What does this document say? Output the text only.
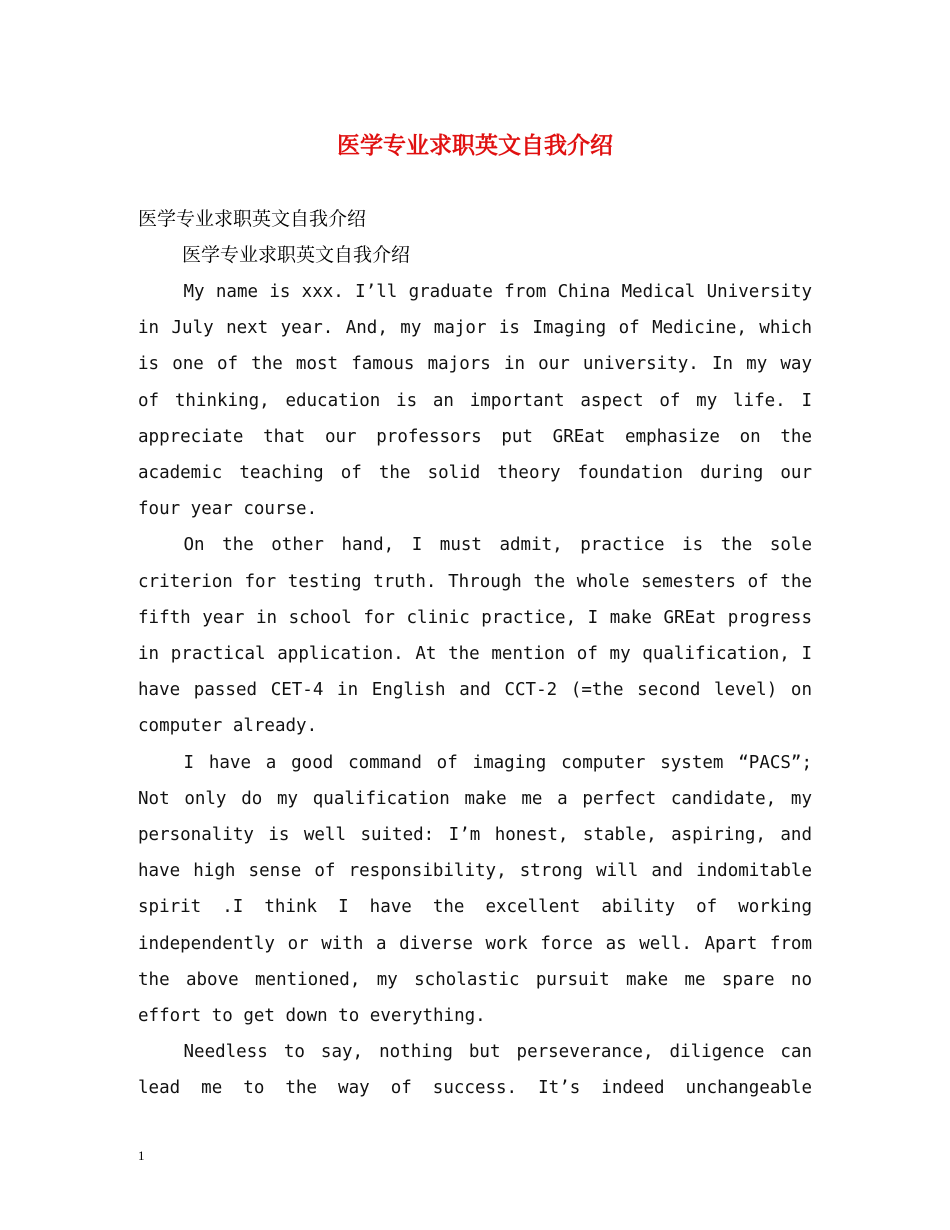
医学专业求职英文自我介绍
医学专业求职英文自我介绍
医学专业求职英文自我介绍

My name is xxx. I’ll graduate from China Medical University in July next year. And, my major is Imaging of Medicine, which is one of the most famous majors in our university. In my way of thinking, education is an important aspect of my life. I appreciate that our professors put GREat emphasize on the academic teaching of the solid theory foundation during our four year course.

On the other hand, I must admit, practice is the sole criterion for testing truth. Through the whole semesters of the fifth year in school for clinic practice, I make GREat progress in practical application. At the mention of my qualification, I have passed CET-4 in English and CCT-2 (=the second level) on computer already.

I have a good command of imaging computer system “PACS”; Not only do my qualification make me a perfect candidate, my personality is well suited: I’m honest, stable, aspiring, and have high sense of responsibility, strong will and indomitable spirit .I think I have the excellent ability of working independently or with a diverse work force as well. Apart from the above mentioned, my scholastic pursuit make me spare no effort to get down to everything.

Needless to say, nothing but perseverance, diligence can lead me to the way of success. It’s indeed unchangeable

1
